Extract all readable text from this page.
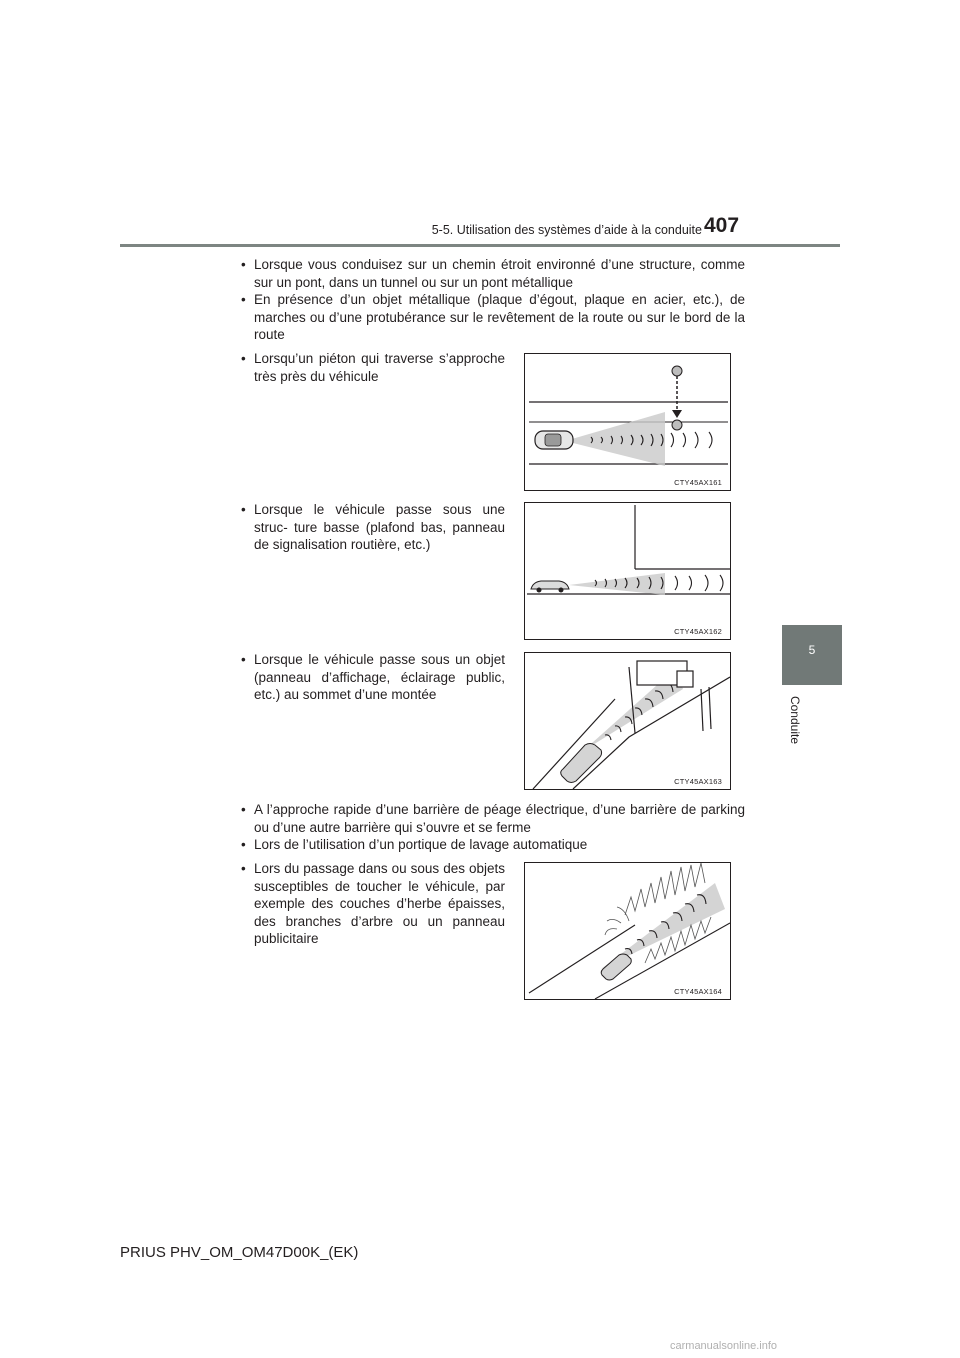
5-5. Utilisation des systèmes d’aide à la conduite 407
5
Conduite
• Lorsque vous conduisez sur un chemin étroit environné d’une structure, comme sur un pont, dans un tunnel ou sur un pont métallique
• En présence d’un objet métallique (plaque d’égout, plaque en acier, etc.), de marches ou d’une protubérance sur le revêtement de la route ou sur le bord de la route
• Lorsqu’un piéton qui traverse s’approche très près du véhicule
CTY45AX161
• Lorsque le véhicule passe sous une struc- ture basse (plafond bas, panneau de signalisation routière, etc.)
CTY45AX162
• Lorsque le véhicule passe sous un objet (panneau d’affichage, éclairage public, etc.) au sommet d’une montée
CTY45AX163
• A l’approche rapide d’une barrière de péage électrique, d’une barrière de parking ou d’une autre barrière qui s’ouvre et se ferme
• Lors de l’utilisation d’un portique de lavage automatique
• Lors du passage dans ou sous des objets susceptibles de toucher le véhicule, par exemple des couches d’herbe épaisses, des branches d’arbre ou un panneau publicitaire
CTY45AX164
PRIUS PHV_OM_OM47D00K_(EK)
carmanualsonline.info
